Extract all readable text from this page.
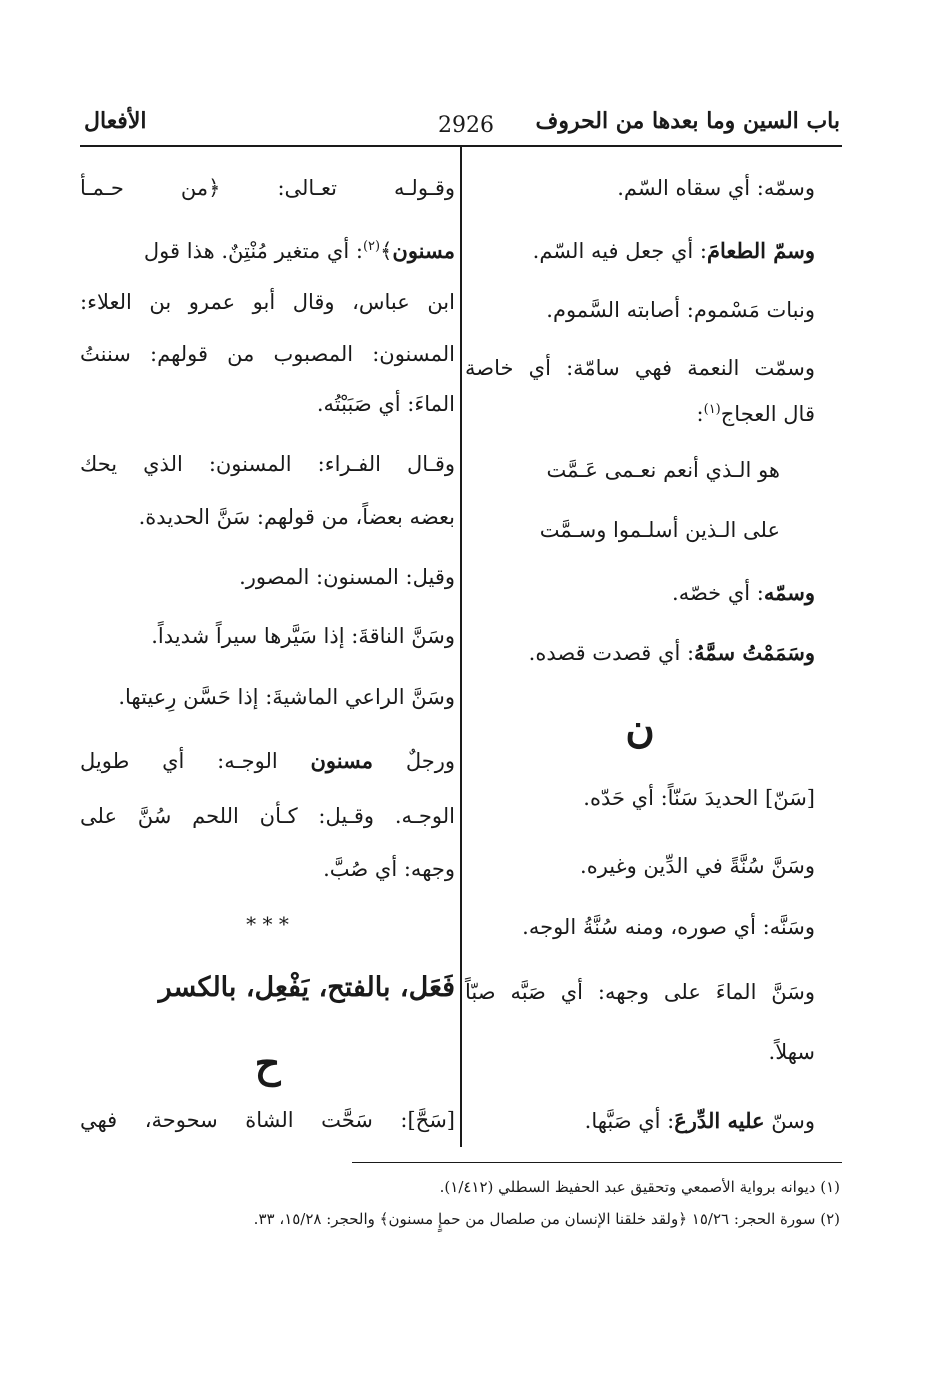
باب السين وما بعدها من الحروف
2926
الأفعال
وسمّه: أي سقاه السّم.
وسمّ الطعامَ: أي جعل فيه السّم.
ونبات مَسْموم: أصابته السَّموم.
وسمّت النعمة فهي سامّة: أي خاصة
قال العجاج$^{(١)}$:
هو الـذي أنعم نعـمى عَـمَّت
على الـذين أسلـموا وسـمَّت
وسمّه: أي خصّه.
وسَمَمْتُ سمَّهُ: أي قصدت قصده.
ن
[سَنّ] الحديدَ سَنّاً: أي حَدّه.
وسَنَّ سُنَّةً في الدِّين وغيره.
وسَنَّه: أي صوره، ومنه سُنَّةُ الوجه.
وسَنَّ الماءَ على وجهه: أي صَبَّه صبّاً
سهلاً.
وسنّ عليه الدِّرعَ: أي صَبَّها.
وقـولـه تعـالى: ﴿من حـمـأ
مسنون﴾$^{(٢)}$: أي متغير مُنْتِنٌ. هذا قول
ابن عباس، وقال أبو عمرو بن العلاء:
المسنون: المصبوب من قولهم: سننتُ
الماءَ: أي صَبَبْتُه.
وقـال الفـراء: المسنون: الذي يحك
بعضه بعضاً، من قولهم: سَنَّ الحديدة.
وقيل: المسنون: المصور.
وسَنَّ الناقةَ: إذا سَيَّرها سيراً شديداً.
وسَنَّ الراعي الماشيةَ: إذا حَسَّن رِعيتها.
ورجلٌ مسنون الوجـه: أي طويل
الوجـه. وقـيل: كـأن اللحم سُنَّ على
وجهه: أي صُبَّ.
* * *
فَعَل، بالفتح، يَفْعِل، بالكسر
ح
[سَحَّ]: سَحَّت الشاة سحوحة، فهي
(١) ديوانه برواية الأصمعي وتحقيق عبد الحفيظ السطلي (١/٤١٢).
(٢) سورة الحجر: ١٥/٢٦ ﴿ولقد خلقنا الإنسان من صلصال من حمإٍ مسنون﴾ والحجر: ١٥/٢٨، ٣٣.
